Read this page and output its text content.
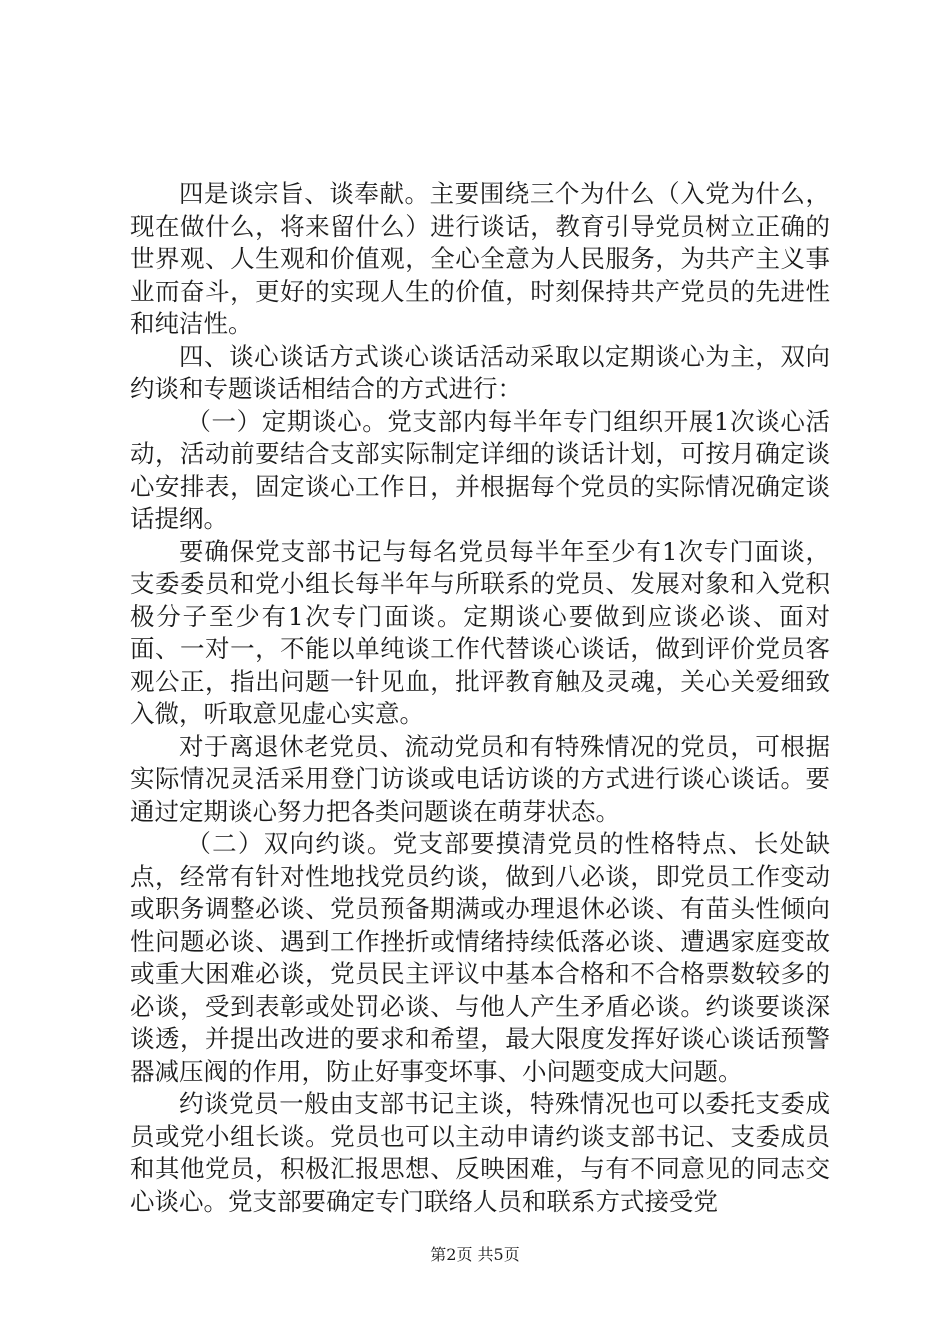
四是谈宗旨、谈奉献。主要围绕三个为什么（入党为什么，现在做什么，将来留什么）进行谈话，教育引导党员树立正确的世界观、人生观和价值观，全心全意为人民服务，为共产主义事业而奋斗，更好的实现人生的价值，时刻保持共产党员的先进性和纯洁性。

四、谈心谈话方式谈心谈话活动采取以定期谈心为主，双向约谈和专题谈话相结合的方式进行：

（一）定期谈心。党支部内每半年专门组织开展1次谈心活动，活动前要结合支部实际制定详细的谈话计划，可按月确定谈心安排表，固定谈心工作日，并根据每个党员的实际情况确定谈话提纲。

要确保党支部书记与每名党员每半年至少有1次专门面谈，支委委员和党小组长每半年与所联系的党员、发展对象和入党积极分子至少有1次专门面谈。定期谈心要做到应谈必谈、面对面、一对一，不能以单纯谈工作代替谈心谈话，做到评价党员客观公正，指出问题一针见血，批评教育触及灵魂，关心关爱细致入微，听取意见虚心实意。

对于离退休老党员、流动党员和有特殊情况的党员，可根据实际情况灵活采用登门访谈或电话访谈的方式进行谈心谈话。要通过定期谈心努力把各类问题谈在萌芽状态。

（二）双向约谈。党支部要摸清党员的性格特点、长处缺点，经常有针对性地找党员约谈，做到八必谈，即党员工作变动或职务调整必谈、党员预备期满或办理退休必谈、有苗头性倾向性问题必谈、遇到工作挫折或情绪持续低落必谈、遭遇家庭变故或重大困难必谈，党员民主评议中基本合格和不合格票数较多的必谈，受到表彰或处罚必谈、与他人产生矛盾必谈。约谈要谈深谈透，并提出改进的要求和希望，最大限度发挥好谈心谈话预警器减压阀的作用，防止好事变坏事、小问题变成大问题。

约谈党员一般由支部书记主谈，特殊情况也可以委托支委成员或党小组长谈。党员也可以主动申请约谈支部书记、支委成员和其他党员，积极汇报思想、反映困难，与有不同意见的同志交心谈心。党支部要确定专门联络人员和联系方式接受党

第2页 共5页
